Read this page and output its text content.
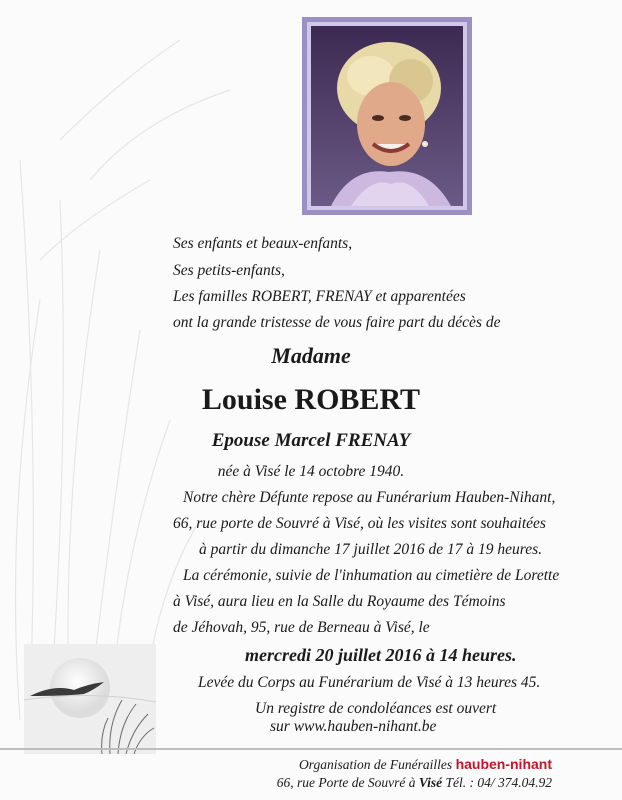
Ses enfants et beaux-enfants,
Ses petits-enfants,
Les familles ROBERT, FRENAY et apparentées
ont la grande tristesse de vous faire part du décès de
Madame
Louise ROBERT
Epouse Marcel FRENAY
née à Visé le 14 octobre 1940.
Notre chère Défunte repose au Funérarium Hauben-Nihant,
66, rue porte de Souvré à Visé, où les visites sont souhaitées
à partir du dimanche 17 juillet 2016 de 17 à 19 heures.
La cérémonie, suivie de l'inhumation au cimetière de Lorette
à Visé, aura lieu en la Salle du Royaume des Témoins
de Jéhovah, 95, rue de Berneau à Visé, le
mercredi 20 juillet 2016 à 14 heures.
Levée du Corps au Funérarium de Visé à 13 heures 45.
Un registre de condoléances est ouvert
sur www.hauben-nihant.be
Organisation de Funérailles hauben-nihant
66, rue Porte de Souvré à Visé Tél. : 04/ 374.04.92
